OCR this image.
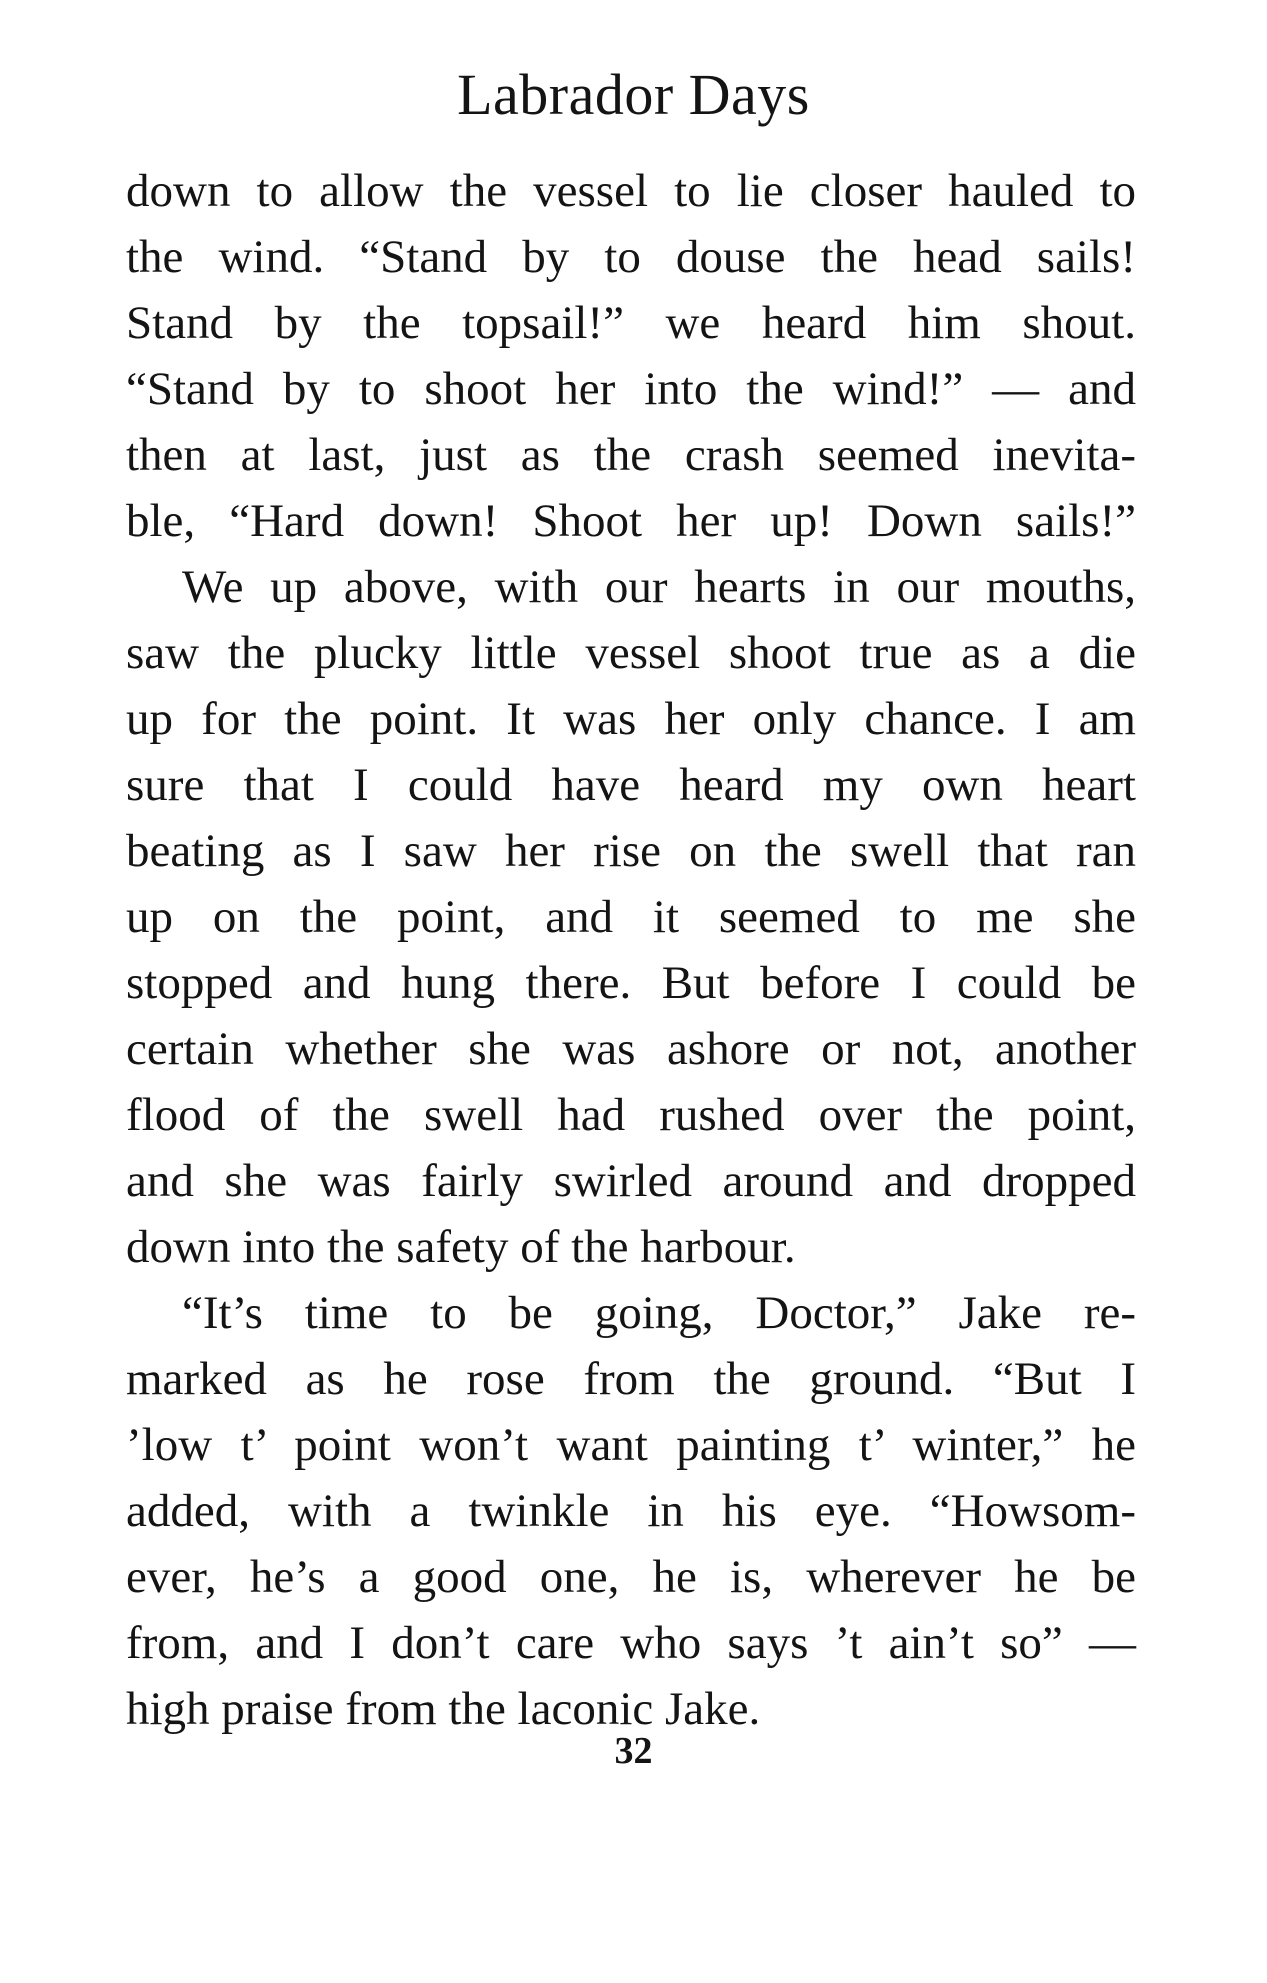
Labrador Days
down to allow the vessel to lie closer hauled to
the wind. “Stand by to douse the head sails!
Stand by the topsail!” we heard him shout.
“Stand by to shoot her into the wind!” — and
then at last, just as the crash seemed inevita-
ble, “Hard down! Shoot her up! Down sails!”
We up above, with our hearts in our mouths,
saw the plucky little vessel shoot true as a die
up for the point. It was her only chance. I am
sure that I could have heard my own heart
beating as I saw her rise on the swell that ran
up on the point, and it seemed to me she
stopped and hung there. But before I could be
certain whether she was ashore or not, another
flood of the swell had rushed over the point,
and she was fairly swirled around and dropped
down into the safety of the harbour.
“It’s time to be going, Doctor,” Jake re-
marked as he rose from the ground. “But I
’low t’ point won’t want painting t’ winter,” he
added, with a twinkle in his eye. “Howsom-
ever, he’s a good one, he is, wherever he be
from, and I don’t care who says ’t ain’t so” —
high praise from the laconic Jake.
32
